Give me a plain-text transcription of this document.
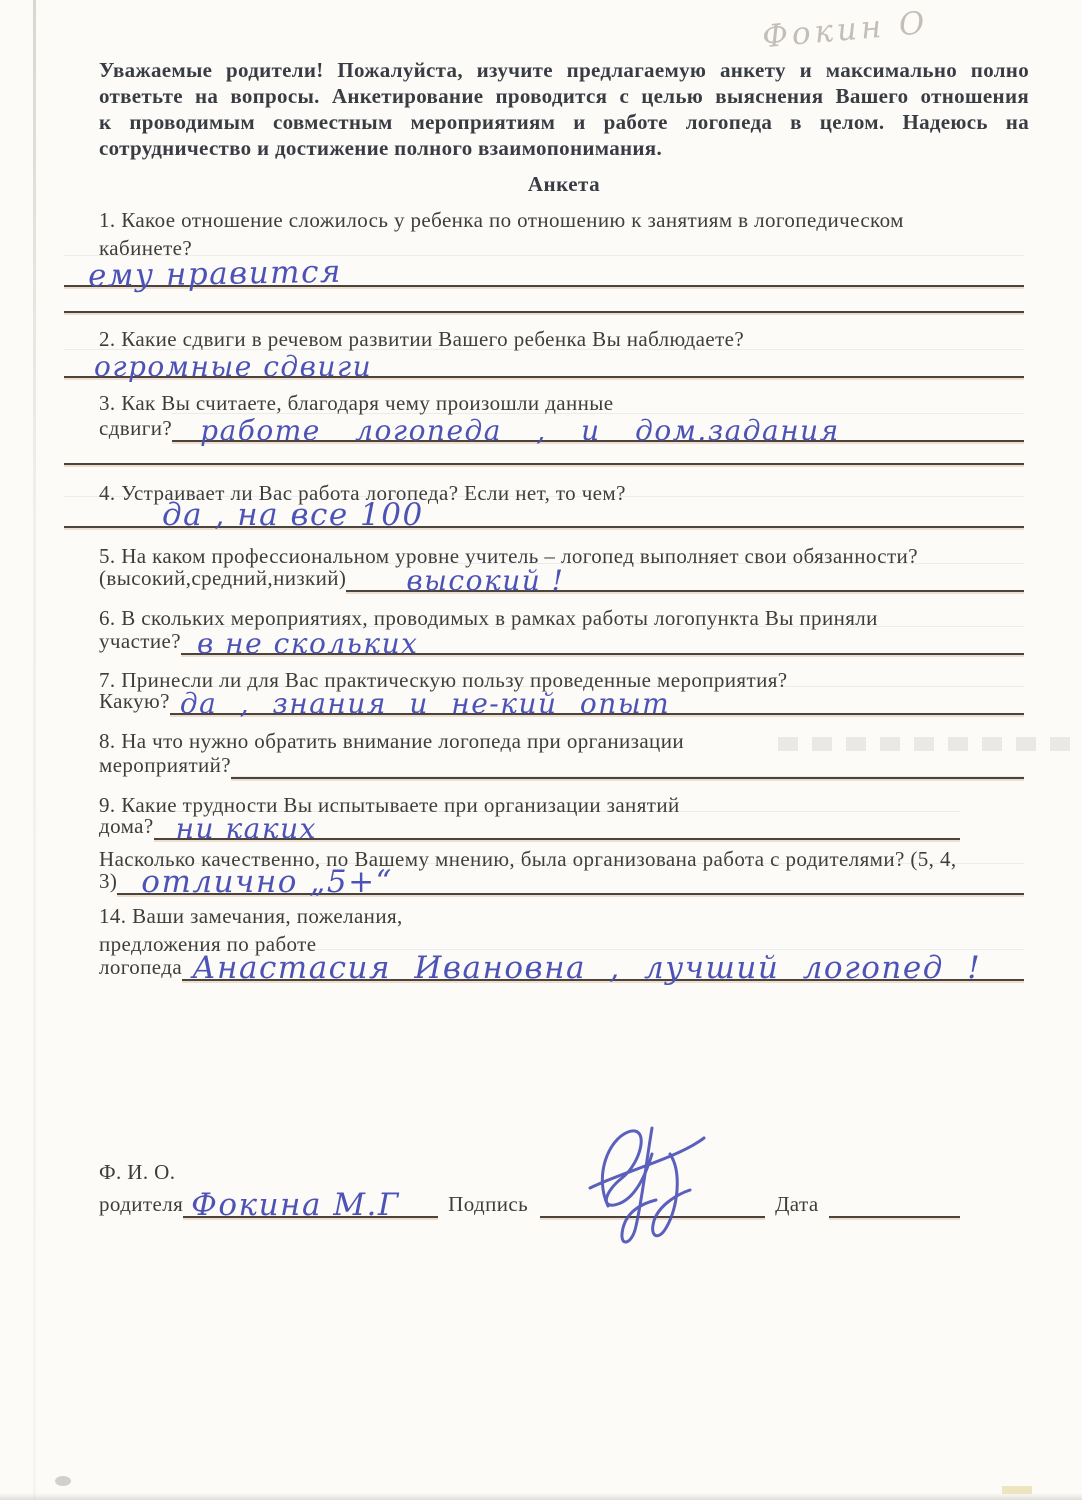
Фокин О
Уважаемые родители! Пожалуйста, изучите предлагаемую анкету и максимально полно
ответьте на вопросы. Анкетирование проводится с целью выяснения Вашего отношения
к проводимым совместным мероприятиям и работе логопеда в целом. Надеюсь на
сотрудничество и достижение полного взаимопонимания.
Анкета
1. Какое отношение сложилось у ребенка по отношению к занятиям в логопедическом
кабинете?
ему нравится
2. Какие сдвиги в речевом развитии Вашего ребенка Вы наблюдаете?
огромные сдвиги
3. Как Вы считаете, благодаря чему произошли данные
сдвиги? работе логопеда , и дом.задания
4. Устраивает ли Вас работа логопеда? Если нет, то чем?
да , на все 100
5. На каком профессиональном уровне учитель – логопед выполняет свои обязанности?
(высокий,средний,низкий) высокий !
6. В скольких мероприятиях, проводимых в рамках работы логопункта Вы приняли
участие? в не скольких
7. Принесли ли для Вас практическую пользу проведенные мероприятия?
Какую? да , знания и не-кий опыт
8. На что нужно обратить внимание логопеда при организации
мероприятий?
9. Какие трудности Вы испытываете при организации занятий
дома? ни каких
Насколько качественно, по Вашему мнению, была организована работа с родителями? (5, 4,
3) отлично „5+“
14. Ваши замечания, пожелания,
предложения по работе
логопеда Анастасия Ивановна , лучший логопед !
Ф. И. О.
родителя Фокина М.Г Подпись	Дата
